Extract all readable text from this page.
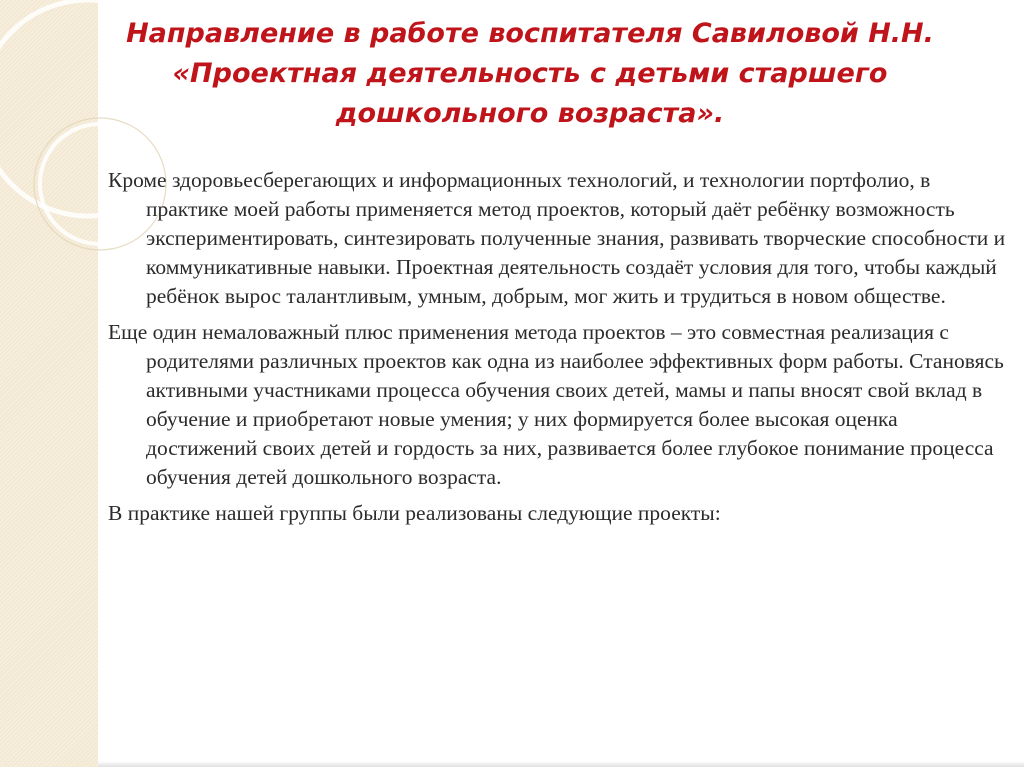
Направление в работе воспитателя Савиловой Н.Н.
«Проектная деятельность с детьми старшего
дошкольного возраста».

Кроме здоровьесберегающих и информационных технологий, и технологии портфолио, в практике моей работы применяется метод проектов, который даёт ребёнку возможность экспериментировать, синтезировать полученные знания, развивать творческие способности и коммуникативные навыки. Проектная деятельность создаёт условия для того, чтобы каждый ребёнок вырос талантливым, умным, добрым, мог жить и трудиться в новом обществе.

Еще один немаловажный плюс применения метода проектов – это совместная реализация с родителями различных проектов как одна из наиболее эффективных форм работы. Становясь активными участниками процесса обучения своих детей, мамы и папы вносят свой вклад в обучение и приобретают новые умения; у них формируется более высокая оценка достижений своих детей и гордость за них, развивается более глубокое понимание процесса обучения детей дошкольного возраста.

В практике нашей группы были реализованы следующие проекты:
